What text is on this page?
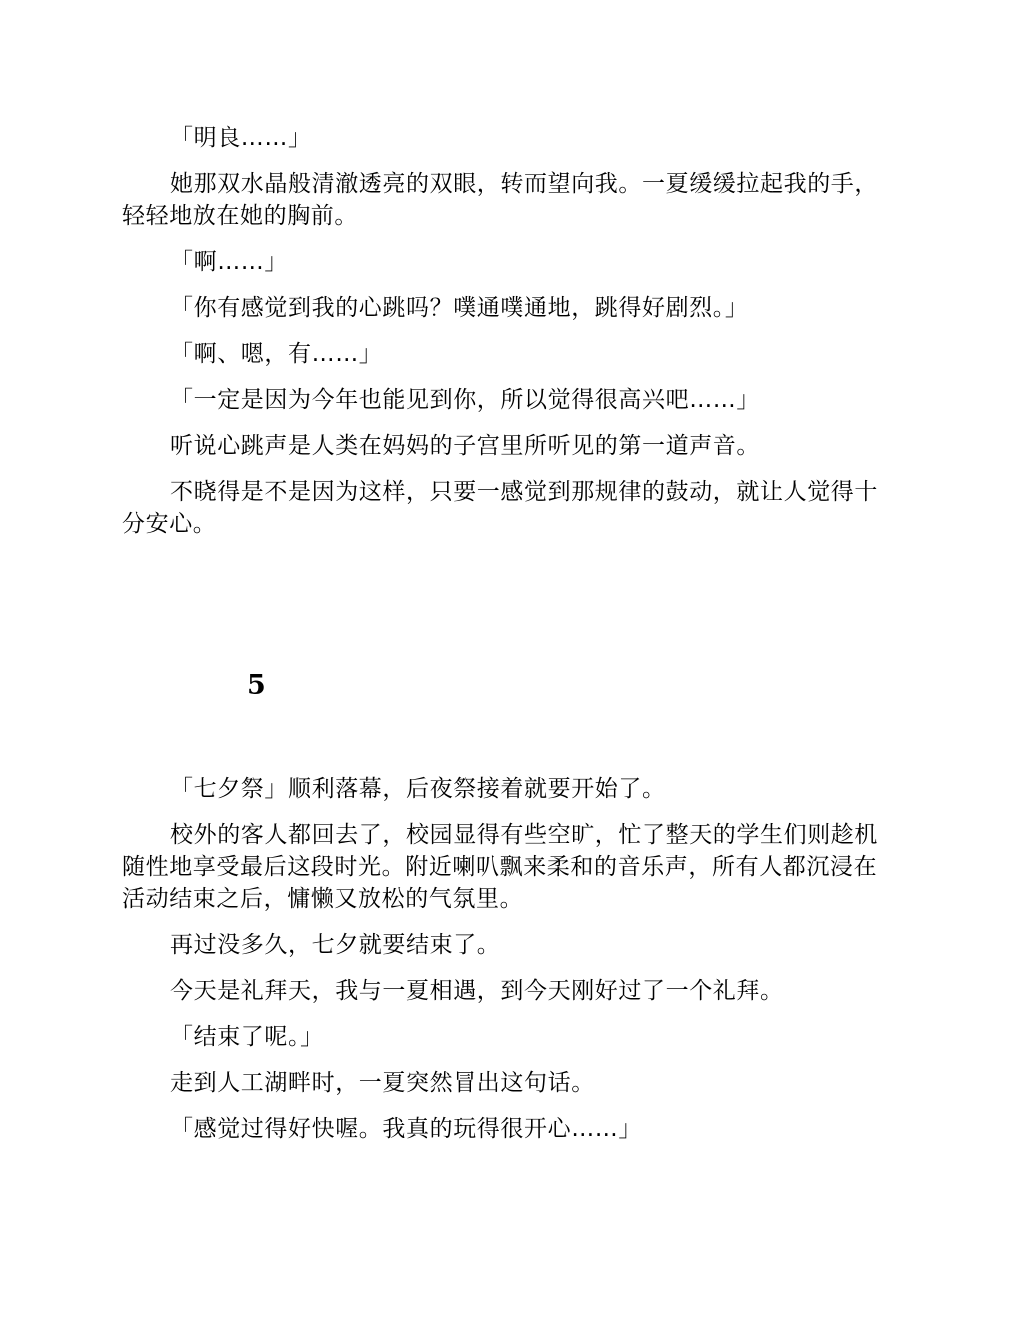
「明良……」

她那双水晶般清澈透亮的双眼，转而望向我。一夏缓缓拉起我的手，轻轻地放在她的胸前。

「啊……」

「你有感觉到我的心跳吗？噗通噗通地，跳得好剧烈。」

「啊、嗯，有……」

「一定是因为今年也能见到你，所以觉得很高兴吧……」

听说心跳声是人类在妈妈的子宫里所听见的第一道声音。

不晓得是不是因为这样，只要一感觉到那规律的鼓动，就让人觉得十分安心。

5

「七夕祭」顺利落幕，后夜祭接着就要开始了。

校外的客人都回去了，校园显得有些空旷，忙了整天的学生们则趁机随性地享受最后这段时光。附近喇叭飘来柔和的音乐声，所有人都沉浸在活动结束之后，慵懒又放松的气氛里。

再过没多久，七夕就要结束了。

今天是礼拜天，我与一夏相遇，到今天刚好过了一个礼拜。

「结束了呢。」

走到人工湖畔时，一夏突然冒出这句话。

「感觉过得好快喔。我真的玩得很开心……」
